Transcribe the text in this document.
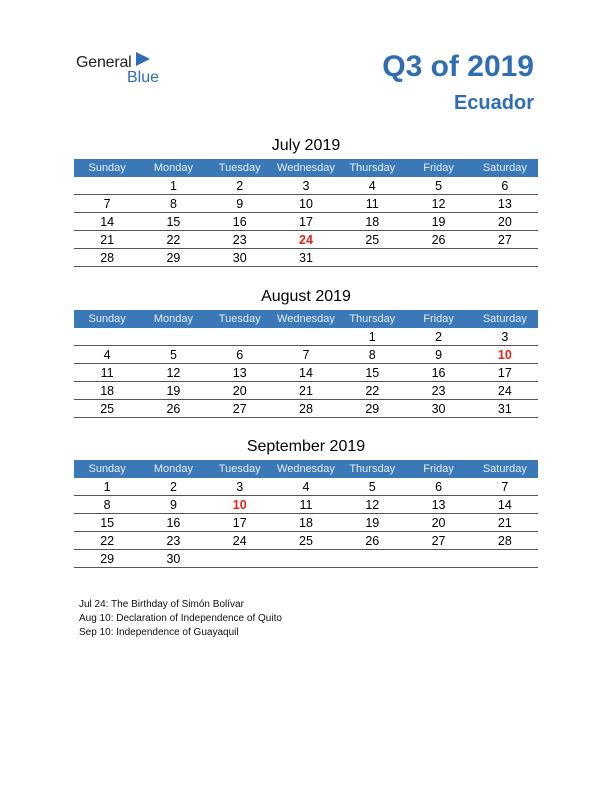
General
Blue	Q3 of 2019
Ecuador
July 2019
Sunday	Monday	Tuesday	Wednesday	Thursday	Friday	Saturday
	1	2	3	4	5	6
7	8	9	10	11	12	13
14	15	16	17	18	19	20
21	22	23	24	25	26	27
28	29	30	31			
August 2019
Sunday	Monday	Tuesday	Wednesday	Thursday	Friday	Saturday
				1	2	3
4	5	6	7	8	9	10
11	12	13	14	15	16	17
18	19	20	21	22	23	24
25	26	27	28	29	30	31
September 2019
Sunday	Monday	Tuesday	Wednesday	Thursday	Friday	Saturday
1	2	3	4	5	6	7
8	9	10	11	12	13	14
15	16	17	18	19	20	21
22	23	24	25	26	27	28
29	30					
Jul 24: The Birthday of Simón Bolívar
Aug 10: Declaration of Independence of Quito
Sep 10: Independence of Guayaquil
